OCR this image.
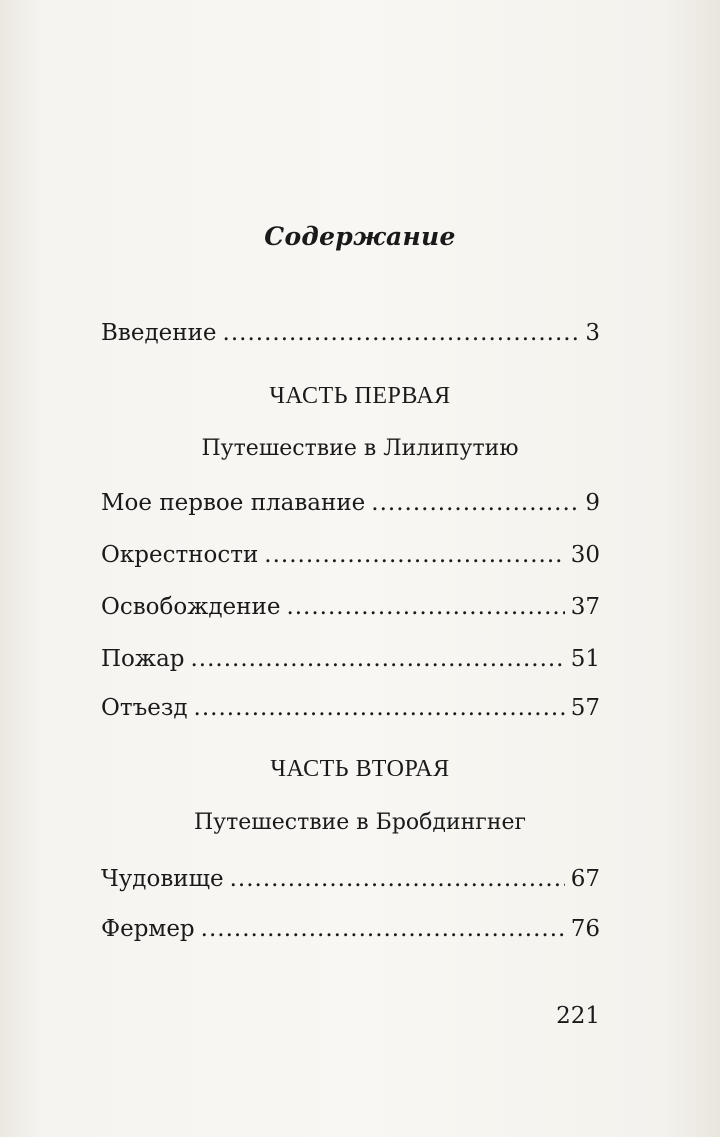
Содержание
Введение .....	3
ЧАСТЬ ПЕРВАЯ
Путешествие в Лилипутию
Мое первое плавание .....	9
Окрестности .....	30
Освобождение .....	37
Пожар .....	51
Отъезд .....	57
ЧАСТЬ ВТОРАЯ
Путешествие в Бробдингнег
Чудовище .....	67
Фермер .....	76
221
